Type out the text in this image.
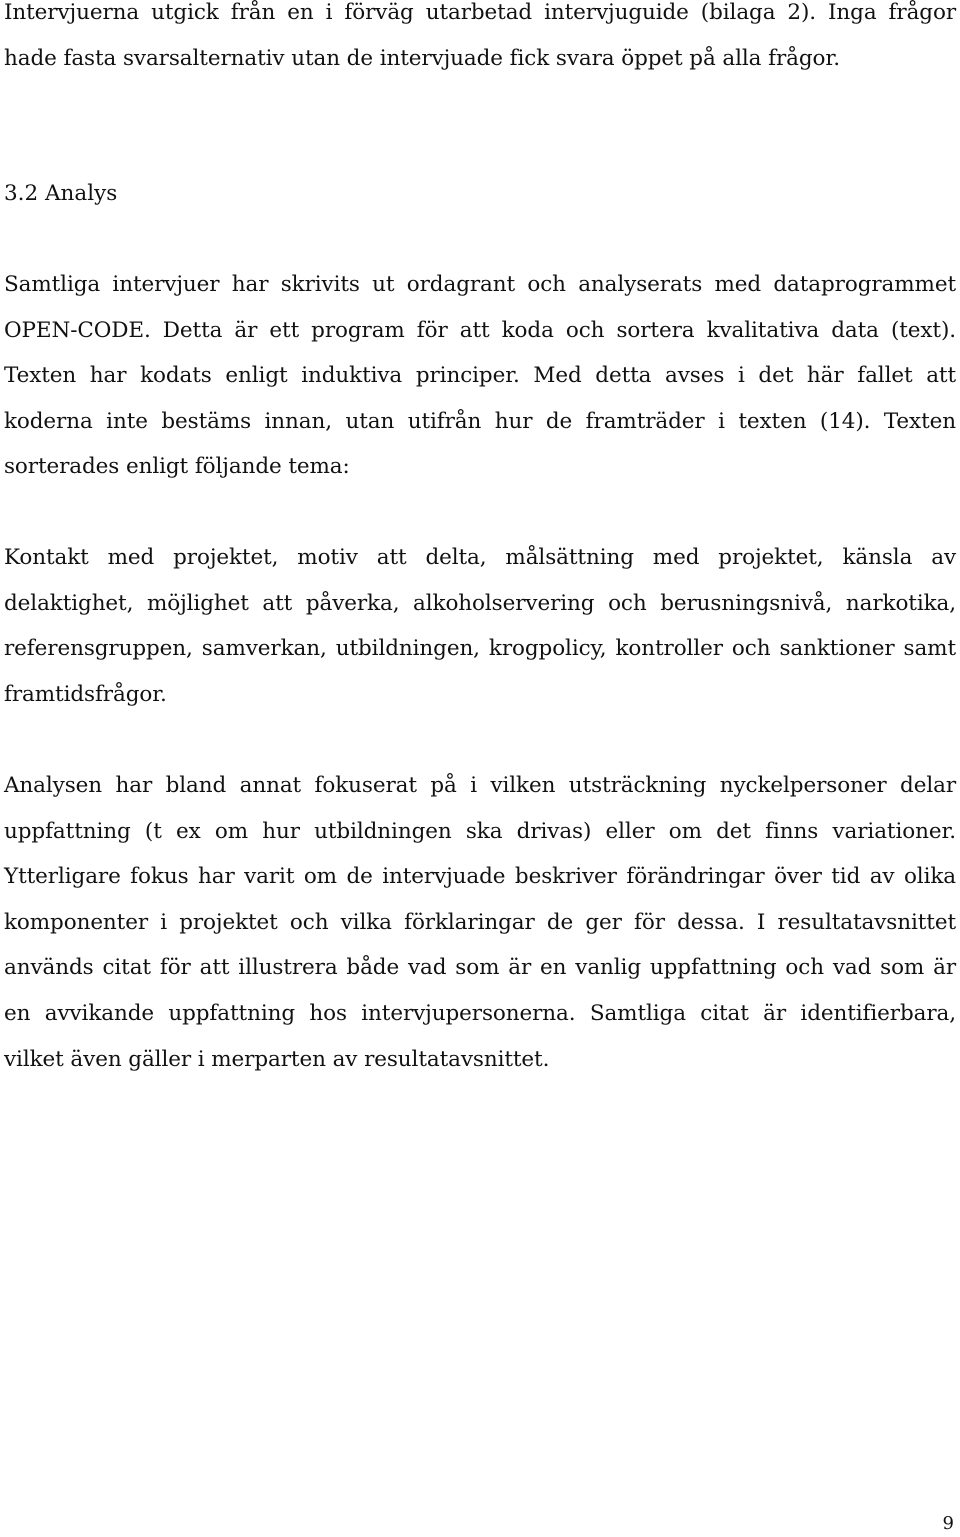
Intervjuerna utgick från en i förväg utarbetad intervjuguide (bilaga 2). Inga frågor hade fasta svarsalternativ utan de intervjuade fick svara öppet på alla frågor.

3.2 Analys

Samtliga intervjuer har skrivits ut ordagrant och analyserats med dataprogrammet OPEN-CODE. Detta är ett program för att koda och sortera kvalitativa data (text). Texten har kodats enligt induktiva principer. Med detta avses i det här fallet att koderna inte bestäms innan, utan utifrån hur de framträder i texten (14). Texten sorterades enligt följande tema:

Kontakt med projektet, motiv att delta, målsättning med projektet, känsla av delaktighet, möjlighet att påverka, alkoholservering och berusningsnivå, narkotika, referensgruppen, samverkan, utbildningen, krogpolicy, kontroller och sanktioner samt framtidsfrågor.

Analysen har bland annat fokuserat på i vilken utsträckning nyckelpersoner delar uppfattning (t ex om hur utbildningen ska drivas) eller om det finns variationer. Ytterligare fokus har varit om de intervjuade beskriver förändringar över tid av olika komponenter i projektet och vilka förklaringar de ger för dessa. I resultatavsnittet används citat för att illustrera både vad som är en vanlig uppfattning och vad som är en avvikande uppfattning hos intervjupersonerna. Samtliga citat är identifierbara, vilket även gäller i merparten av resultatavsnittet.

9
